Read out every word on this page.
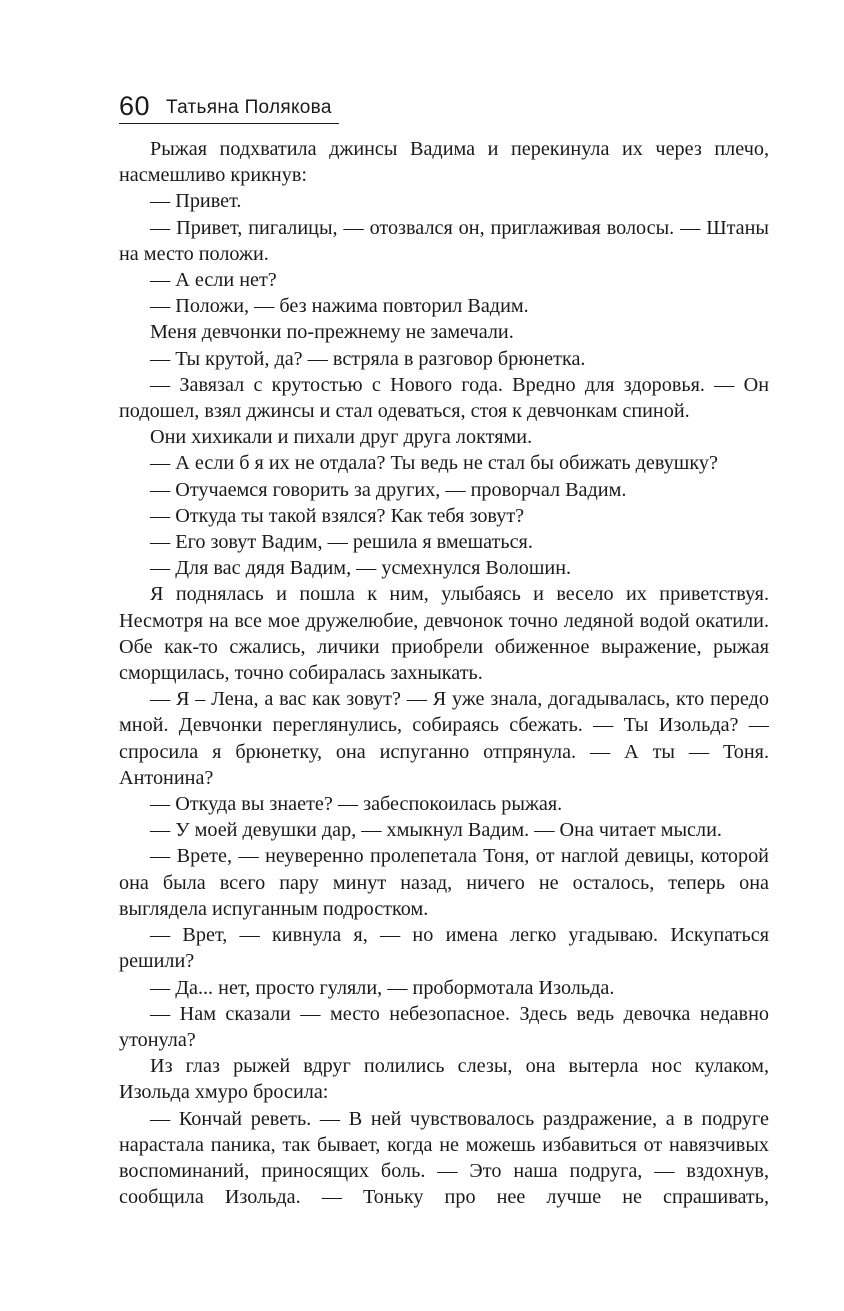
60 Татьяна Полякова

Рыжая подхватила джинсы Вадима и перекинула их через плечо, насмешливо крикнув:

— Привет.

— Привет, пигалицы, — отозвался он, приглаживая волосы. — Штаны на место положи.

— А если нет?

— Положи, — без нажима повторил Вадим.

Меня девчонки по-прежнему не замечали.

— Ты крутой, да? — встряла в разговор брюнетка.

— Завязал с крутостью с Нового года. Вредно для здоровья. — Он подошел, взял джинсы и стал одеваться, стоя к девчонкам спиной.

Они хихикали и пихали друг друга локтями.

— А если б я их не отдала? Ты ведь не стал бы обижать девушку?

— Отучаемся говорить за других, — проворчал Вадим.

— Откуда ты такой взялся? Как тебя зовут?

— Его зовут Вадим, — решила я вмешаться.

— Для вас дядя Вадим, — усмехнулся Волошин.

Я поднялась и пошла к ним, улыбаясь и весело их приветствуя. Несмотря на все мое дружелюбие, девчонок точно ледяной водой окатили. Обе как-то сжались, личики приобрели обиженное выражение, рыжая сморщилась, точно собиралась захныкать.

— Я – Лена, а вас как зовут? — Я уже знала, догадывалась, кто передо мной. Девчонки переглянулись, собираясь сбежать. — Ты Изольда? — спросила я брюнетку, она испуганно отпрянула. — А ты — Тоня. Антонина?

— Откуда вы знаете? — забеспокоилась рыжая.

— У моей девушки дар, — хмыкнул Вадим. — Она читает мысли.

— Врете, — неуверенно пролепетала Тоня, от наглой девицы, которой она была всего пару минут назад, ничего не осталось, теперь она выглядела испуганным подростком.

— Врет, — кивнула я, — но имена легко угадываю. Искупаться решили?

— Да... нет, просто гуляли, — пробормотала Изольда.

— Нам сказали — место небезопасное. Здесь ведь девочка недавно утонула?

Из глаз рыжей вдруг полились слезы, она вытерла нос кулаком, Изольда хмуро бросила:

— Кончай реветь. — В ней чувствовалось раздражение, а в подруге нарастала паника, так бывает, когда не можешь избавиться от навязчивых воспоминаний, приносящих боль. — Это наша подруга, — вздохнув, сообщила Изольда. — Тоньку про нее лучше не спрашивать,
